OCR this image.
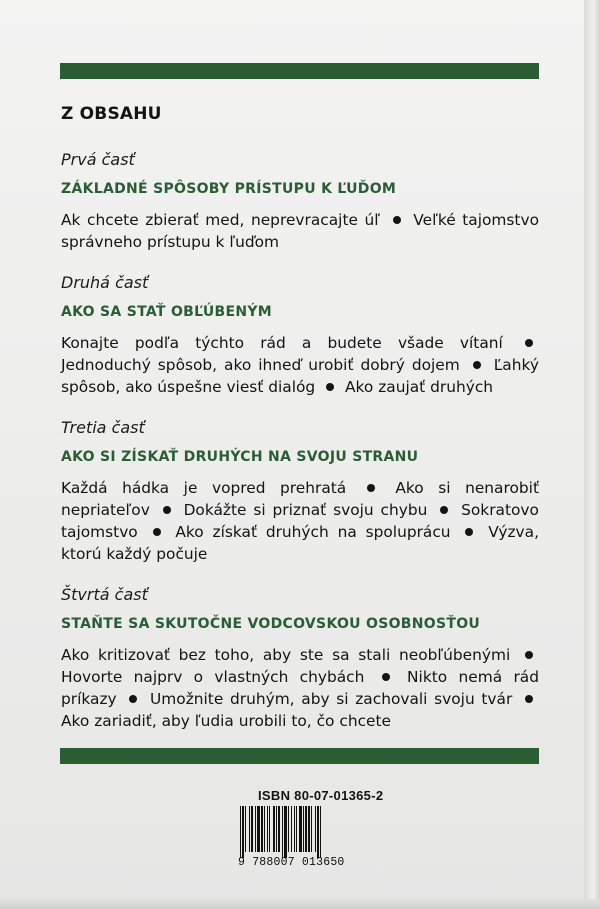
Z OBSAHU
Prvá časť
ZÁKLADNÉ SPÔSOBY PRÍSTUPU K ĽUĎOM
Ak chcete zbierať med, neprevracajte úľ Veľké tajomstvo správneho prístupu k ľuďom
Druhá časť
AKO SA STAŤ OBĽÚBENÝM
Konajte podľa týchto rád a budete všade vítaní  Jednoduchý spôsob, ako ihneď urobiť dobrý dojem Ľahký spôsob, ako úspešne viesť dialóg Ako zaujať druhých
Tretia časť
AKO SI ZÍSKAŤ DRUHÝCH NA SVOJU STRANU
Každá hádka je vopred prehratá	Ako si nenarobiť nepriateľov Dokážte si priznať svoju chybu Sokratovo tajomstvo Ako získať druhých na spoluprácu Výzva, ktorú každý počuje
Štvrtá časť
STAŇTE SA SKUTOČNE VODCOVSKOU OSOBNOSŤOU
Ako kritizovať bez toho, aby ste sa stali neobľúbenými  Hovorte najprv o vlastných chybách	Nikto nemá rád príkazy Umožnite druhým, aby si zachovali svoju tvár  Ako zariadiť, aby ľudia urobili to, čo chcete
ISBN 80-07-01365-2
9 788007 013650
